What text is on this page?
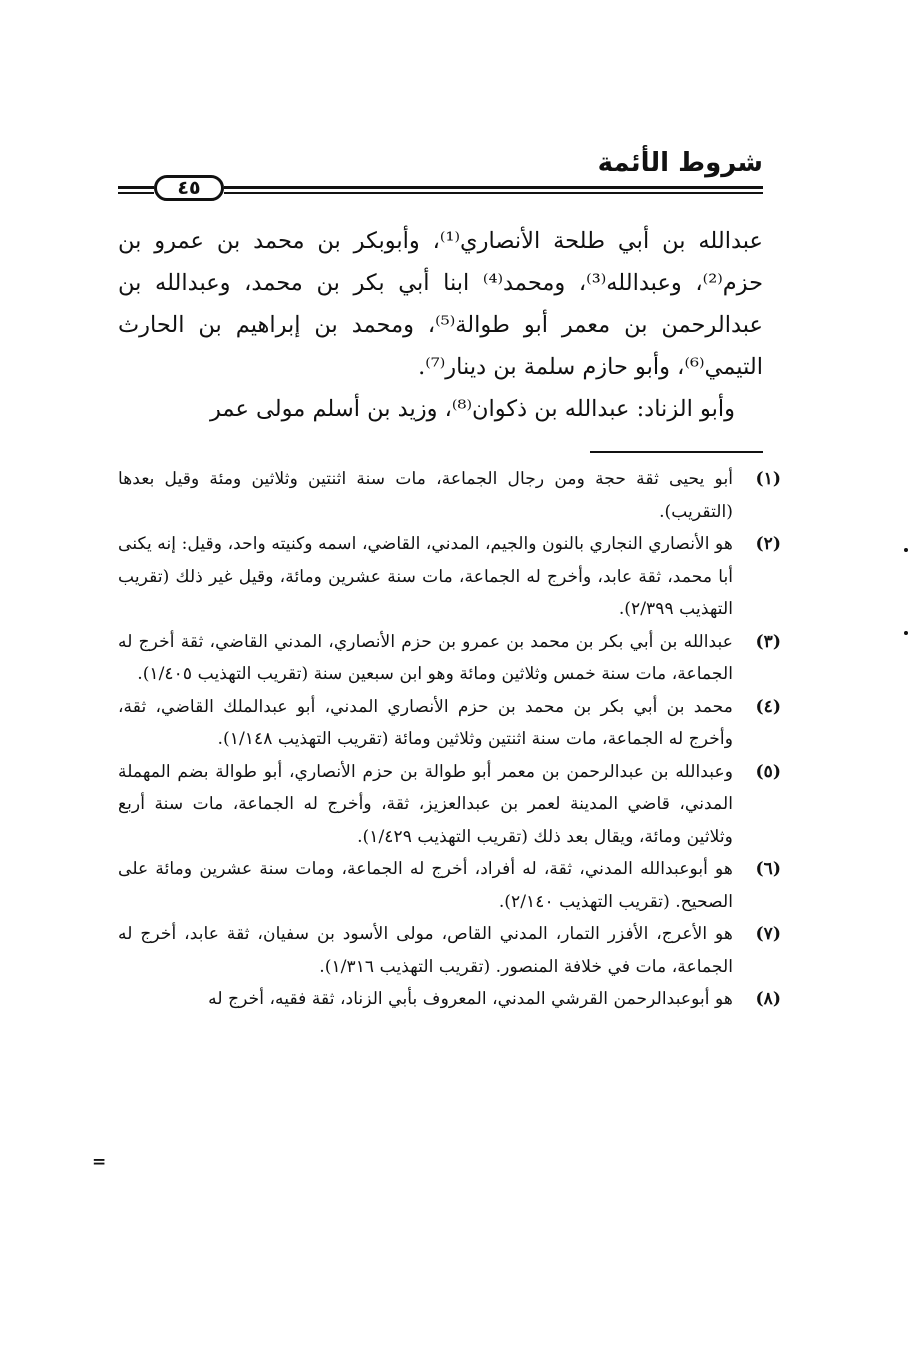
شروط الأئمة
٤٥

عبدالله بن أبي طلحة الأنصاري⁽¹⁾، وأبوبكر بن محمد بن عمرو بن حزم⁽²⁾، وعبدالله⁽³⁾، ومحمد⁽⁴⁾ ابنا أبي بكر بن محمد، وعبدالله بن عبدالرحمن بن معمر أبو طوالة⁽⁵⁾، ومحمد بن إبراهيم بن الحارث التيمي⁽⁶⁾، وأبو حازم سلمة بن دينار⁽⁷⁾.

وأبو الزناد: عبدالله بن ذكوان⁽⁸⁾، وزيد بن أسلم مولى عمر

(١)
أبو يحيى ثقة حجة ومن رجال الجماعة، مات سنة اثنتين وثلاثين ومئة وقيل بعدها (التقريب).
(٢)
هو الأنصاري النجاري بالنون والجيم، المدني، القاضي، اسمه وكنيته واحد، وقيل: إنه يكنى أبا محمد، ثقة عابد، وأخرج له الجماعة، مات سنة عشرين ومائة، وقيل غير ذلك (تقريب التهذيب ٢/٣٩٩).
(٣)
عبدالله بن أبي بكر بن محمد بن عمرو بن حزم الأنصاري، المدني القاضي، ثقة أخرج له الجماعة، مات سنة خمس وثلاثين ومائة وهو ابن سبعين سنة (تقريب التهذيب ١/٤٠٥).
(٤)
محمد بن أبي بكر بن محمد بن حزم الأنصاري المدني، أبو عبدالملك القاضي، ثقة، وأخرج له الجماعة، مات سنة اثنتين وثلاثين ومائة (تقريب التهذيب ١/١٤٨).
(٥)
وعبدالله بن عبدالرحمن بن معمر أبو طوالة بن حزم الأنصاري، أبو طوالة بضم المهملة المدني، قاضي المدينة لعمر بن عبدالعزيز، ثقة، وأخرج له الجماعة، مات سنة أربع وثلاثين ومائة، ويقال بعد ذلك (تقريب التهذيب ١/٤٢٩).
(٦)
هو أبوعبدالله المدني، ثقة، له أفراد، أخرج له الجماعة، ومات سنة عشرين ومائة على الصحيح. (تقريب التهذيب ٢/١٤٠).
(٧)
هو الأعرج، الأفزر التمار، المدني القاص، مولى الأسود بن سفيان، ثقة عابد، أخرج له الجماعة، مات في خلافة المنصور. (تقريب التهذيب ١/٣١٦).
(٨)
هو أبوعبدالرحمن القرشي المدني، المعروف بأبي الزناد، ثقة فقيه، أخرج له
=
